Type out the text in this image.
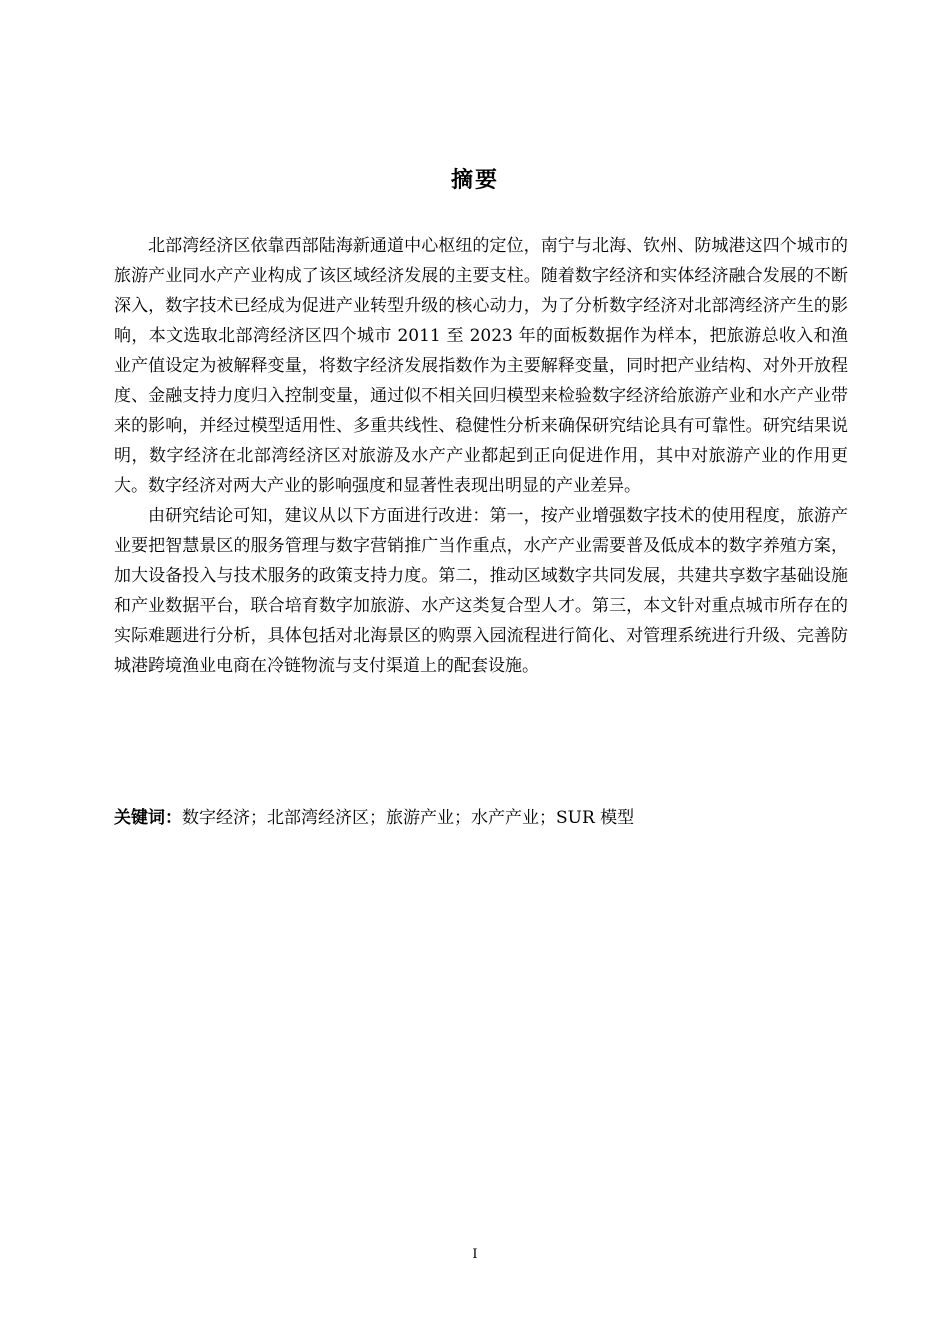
摘要

北部湾经济区依靠西部陆海新通道中心枢纽的定位，南宁与北海、钦州、防城港这四个城市的旅游产业同水产产业构成了该区域经济发展的主要支柱。随着数字经济和实体经济融合发展的不断深入，数字技术已经成为促进产业转型升级的核心动力，为了分析数字经济对北部湾经济产生的影响，本文选取北部湾经济区四个城市 2011 至 2023 年的面板数据作为样本，把旅游总收入和渔业产值设定为被解释变量，将数字经济发展指数作为主要解释变量，同时把产业结构、对外开放程度、金融支持力度归入控制变量，通过似不相关回归模型来检验数字经济给旅游产业和水产产业带来的影响，并经过模型适用性、多重共线性、稳健性分析来确保研究结论具有可靠性。研究结果说明，数字经济在北部湾经济区对旅游及水产产业都起到正向促进作用，其中对旅游产业的作用更大。数字经济对两大产业的影响强度和显著性表现出明显的产业差异。

由研究结论可知，建议从以下方面进行改进：第一，按产业增强数字技术的使用程度，旅游产业要把智慧景区的服务管理与数字营销推广当作重点，水产产业需要普及低成本的数字养殖方案，加大设备投入与技术服务的政策支持力度。第二，推动区域数字共同发展，共建共享数字基础设施和产业数据平台，联合培育数字加旅游、水产这类复合型人才。第三，本文针对重点城市所存在的实际难题进行分析，具体包括对北海景区的购票入园流程进行简化、对管理系统进行升级、完善防城港跨境渔业电商在冷链物流与支付渠道上的配套设施。

关键词：数字经济；北部湾经济区；旅游产业；水产产业；SUR 模型
I
